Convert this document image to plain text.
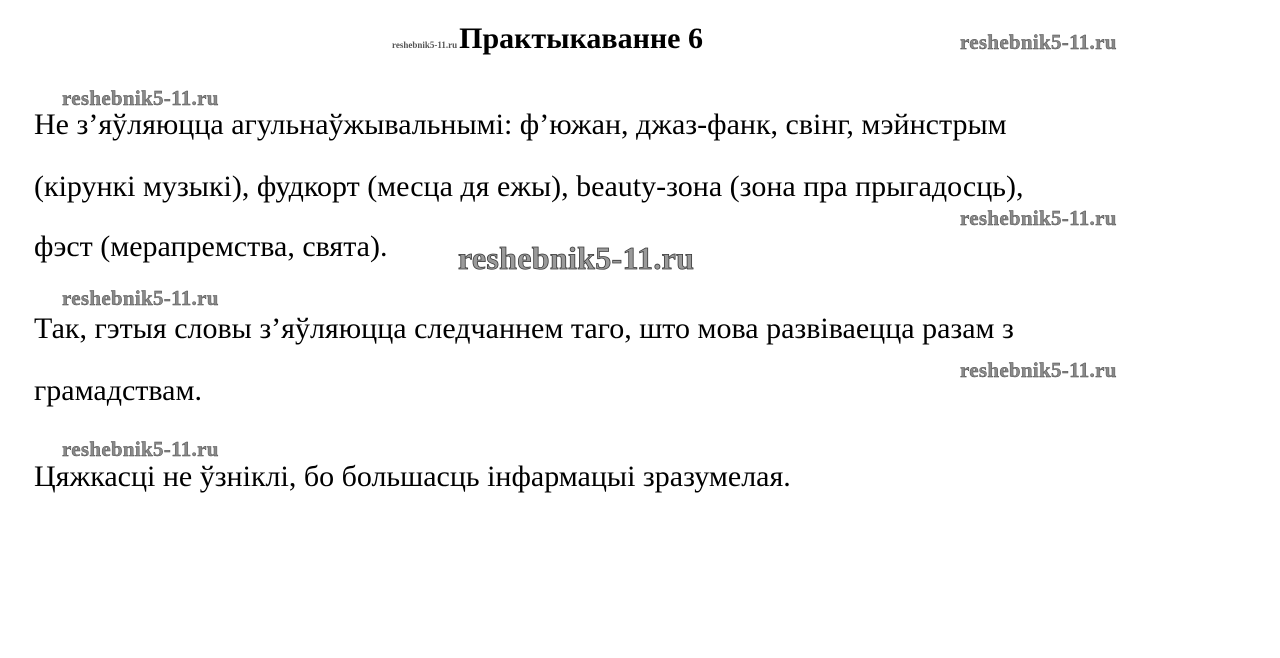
reshebnik5-11.ru Практыкаванне 6	reshebnik5-11.ru
reshebnik5-11.ru
Не з’яўляюцца агульнаўжывальнымі: ф’южан, джаз-фанк, свінг, мэйнстрым
(кірункі музыкі), фудкорт (месца дя ежы), beauty-зона (зона пра прыгадосць),
reshebnik5-11.ru
фэст (мерапремства, свята). reshebnik5-11.ru
reshebnik5-11.ru
Так, гэтыя словы з’яўляюцца следчаннем таго, што мова развіваецца разам з
reshebnik5-11.ru
грамадствам.
reshebnik5-11.ru
Цяжкасці не ўзніклі, бо большасць інфармацыі зразумелая.
